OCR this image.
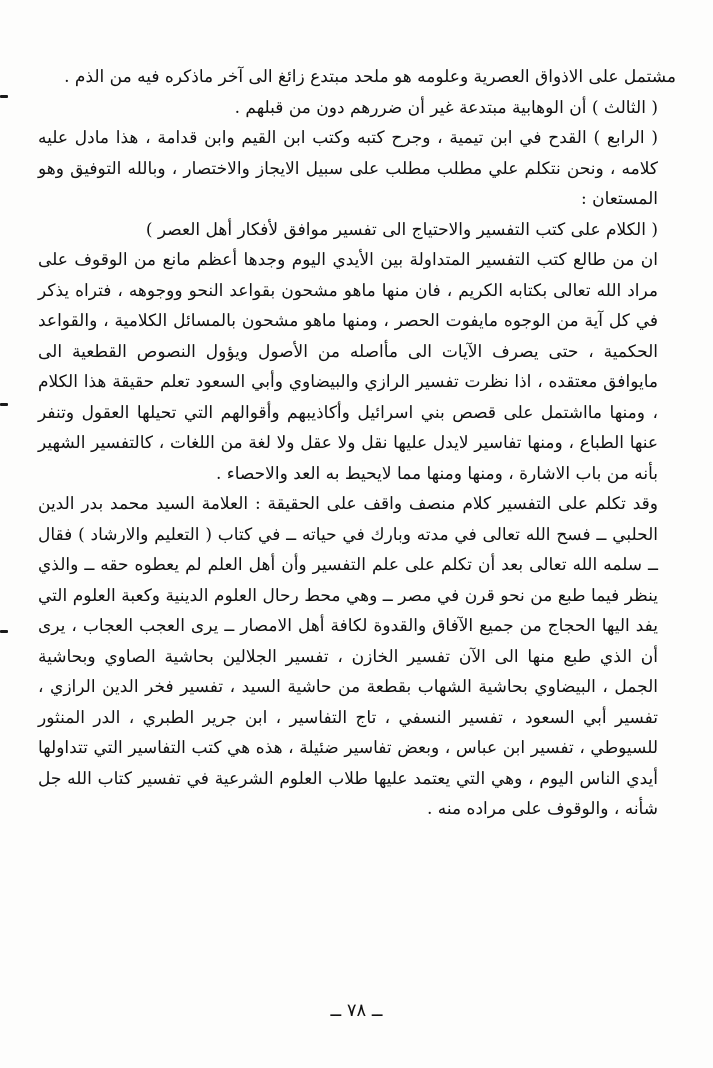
مشتمل على الاذواق العصرية وعلومه هو ملحد مبتدع زائغ الى آخر ماذكره فيه من الذم .

( الثالث ) أن الوهابية مبتدعة غير أن ضررهم دون من قبلهم .

( الرابع ) القدح في ابن تيمية ، وجرح كتبه وكتب ابن القيم وابن قدامة ، هذا مادل عليه كلامه ، ونحن نتكلم علي مطلب مطلب على سبيل الايجاز والاختصار ، وبالله التوفيق وهو المستعان :

( الكلام على كتب التفسير والاحتياج الى تفسير موافق لأفكار أهل العصر )

ان من طالع كتب التفسير المتداولة بين الأيدي اليوم وجدها أعظم مانع من الوقوف على مراد الله تعالى بكتابه الكريم ، فان منها ماهو مشحون بقواعد النحو ووجوهه ، فتراه يذكر في كل آية من الوجوه مايفوت الحصر ، ومنها ماهو مشحون بالمسائل الكلامية ، والقواعد الحكمية ، حتى يصرف الآيات الى مأاصله من الأصول ويؤول النصوص القطعية الى مايوافق معتقده ، اذا نظرت تفسير الرازي والبيضاوي وأبي السعود تعلم حقيقة هذا الكلام ، ومنها مااشتمل على قصص بني اسرائيل وأكاذيبهم وأقوالهم التي تحيلها العقول وتنفر عنها الطباع ، ومنها تفاسير لايدل عليها نقل ولا عقل ولا لغة من اللغات ، كالتفسير الشهير بأنه من باب الاشارة ، ومنها ومنها مما لايحيط به العد والاحصاء .

وقد تكلم على التفسير كلام منصف واقف على الحقيقة : العلامة السيد محمد بدر الدين الحلبي ــ فسح الله تعالى في مدته وبارك في حياته ــ في كتاب ( التعليم والارشاد ) فقال ــ سلمه الله تعالى بعد أن تكلم على علم التفسير وأن أهل العلم لم يعطوه حقه ــ والذي ينظر فيما طبع من نحو قرن في مصر ــ وهي محط رحال العلوم الدينية وكعبة العلوم التي يفد اليها الحجاج من جميع الآفاق والقدوة لكافة أهل الامصار ــ يرى العجب العجاب ، يرى أن الذي طبع منها الى الآن تفسير الخازن ، تفسير الجلالين بحاشية الصاوي وبحاشية الجمل ، البيضاوي بحاشية الشهاب بقطعة من حاشية السيد ، تفسير فخر الدين الرازي ، تفسير أبي السعود ، تفسير النسفي ، تاج التفاسير ، ابن جرير الطبري ، الدر المنثور للسيوطي ، تفسير ابن عباس ، وبعض تفاسير ضئيلة ، هذه هي كتب التفاسير التي تتداولها أيدي الناس اليوم ، وهي التي يعتمد عليها طلاب العلوم الشرعية في تفسير كتاب الله جل شأنه ، والوقوف على مراده منه .

ــ ٧٨ ــ
